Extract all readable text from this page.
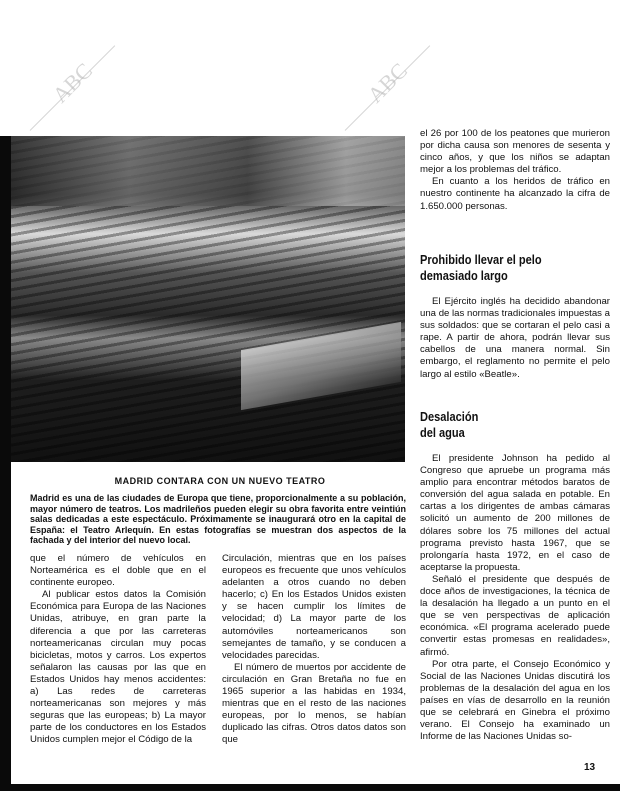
ABC	ABC
MADRID CONTARA CON UN NUEVO TEATRO
Madrid es una de las ciudades de Europa que tiene, proporcionalmente a su población, mayor número de teatros. Los madrileños pueden elegir su obra favorita entre veintiún salas dedicadas a este espectáculo. Próximamente se inaugurará otro en la capital de España: el Teatro Arlequín. En estas fotografías se muestran dos aspectos de la fachada y del interior del nuevo local.

que el número de vehículos en Norteamérica es el doble que en el continente europeo.

Al publicar estos datos la Comisión Económica para Europa de las Naciones Unidas, atribuye, en gran parte la diferencia a que por las carreteras norteamericanas circulan muy pocas bicicletas, motos y carros. Los expertos señalaron las causas por las que en Estados Unidos hay menos accidentes: a) Las redes de carreteras norteamericanas son mejores y más seguras que las europeas; b) La mayor parte de los conductores en los Estados Unidos cumplen mejor el Código de la

Circulación, mientras que en los países europeos es frecuente que unos vehículos adelanten a otros cuando no deben hacerlo; c) En los Estados Unidos existen y se hacen cumplir los límites de velocidad; d) La mayor parte de los automóviles norteamericanos son semejantes de tamaño, y se conducen a velocidades parecidas.

El número de muertos por accidente de circulación en Gran Bretaña no fue en 1965 superior a las habidas en 1934, mientras que en el resto de las naciones europeas, por lo menos, se habían duplicado las cifras. Otros datos datos son que

el 26 por 100 de los peatones que murieron por dicha causa son menores de sesenta y cinco años, y que los niños se adaptan mejor a los problemas del tráfico.

En cuanto a los heridos de tráfico en nuestro continente ha alcanzado la cifra de 1.650.000 personas.

Prohibido llevar el pelo demasiado largo

El Ejército inglés ha decidido abandonar una de las normas tradicionales impuestas a sus soldados: que se cortaran el pelo casi a rape. A partir de ahora, podrán llevar sus cabellos de una manera normal. Sin embargo, el reglamento no permite el pelo largo al estilo «Beatle».

Desalación del agua

El presidente Johnson ha pedido al Congreso que apruebe un programa más amplio para encontrar métodos baratos de conversión del agua salada en potable. En cartas a los dirigentes de ambas cámaras solicitó un aumento de 200 millones de dólares sobre los 75 millones del actual programa previsto hasta 1967, que se prolongaría hasta 1972, en el caso de aceptarse la propuesta.

Señaló el presidente que después de doce años de investigaciones, la técnica de la desalación ha llegado a un punto en el que se ven perspectivas de aplicación económica. «El programa acelerado puede convertir estas promesas en realidades», afirmó.

Por otra parte, el Consejo Económico y Social de las Naciones Unidas discutirá los problemas de la desalación del agua en los países en vías de desarrollo en la reunión que se celebrará en Ginebra el próximo verano. El Consejo ha examinado un Informe de las Naciones Unidas so-

13
